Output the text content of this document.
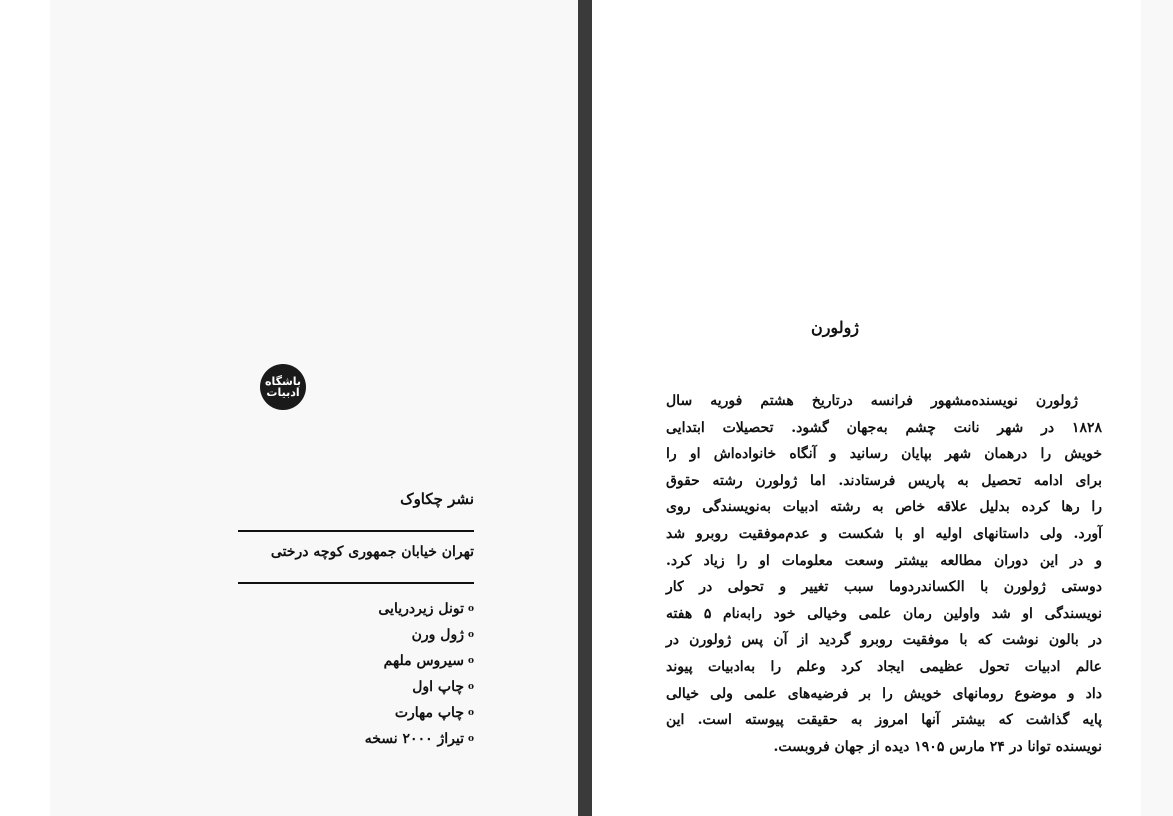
باشگاه
ادبیات
نشر چکاوک
تهران خیابان جمهوری کوچه درختی
oتونل زیردریایی
oژول ورن
oسیروس ملهم
oچاپ اول
oچاپ مهارت
oتیراژ ۲۰۰۰ نسخه
ژولورن
ژولورن نویسنده‌مشهور فرانسه درتاریخ هشتم فوریه سال
۱۸۲۸ در شهر نانت چشم به‌جهان گشود. تحصیلات ابتدایی
خویش را درهمان شهر بپایان رسانید و آنگاه خانواده‌اش او را
برای ادامه تحصیل به پاریس فرستادند. اما ژولورن رشته حقوق
را رها کرده بدلیل علاقه خاص به رشته ادبیات به‌نویسندگی روی
آورد. ولی داستانهای اولیه او با شکست و عدم‌موفقیت روبرو شد
و در این دوران مطالعه بیشتر وسعت معلومات او را زیاد کرد.
دوستی ژولورن با الکساندردوما سبب تغییر و تحولی در کار
نویسندگی او شد واولین رمان علمی وخیالی خود رابه‌نام ۵ هفته
در بالون نوشت که با موفقیت روبرو گردید از آن پس ژولورن در
عالم ادبیات تحول عظیمی ایجاد کرد وعلم را به‌ادبیات پیوند
داد و موضوع رومانهای خویش را بر فرضیه‌های علمی ولی خیالی
پایه گذاشت که بیشتر آنها امروز به حقیقت پیوسته است. این
نویسنده توانا در ۲۴ مارس ۱۹۰۵ دیده از جهان فروبست.
